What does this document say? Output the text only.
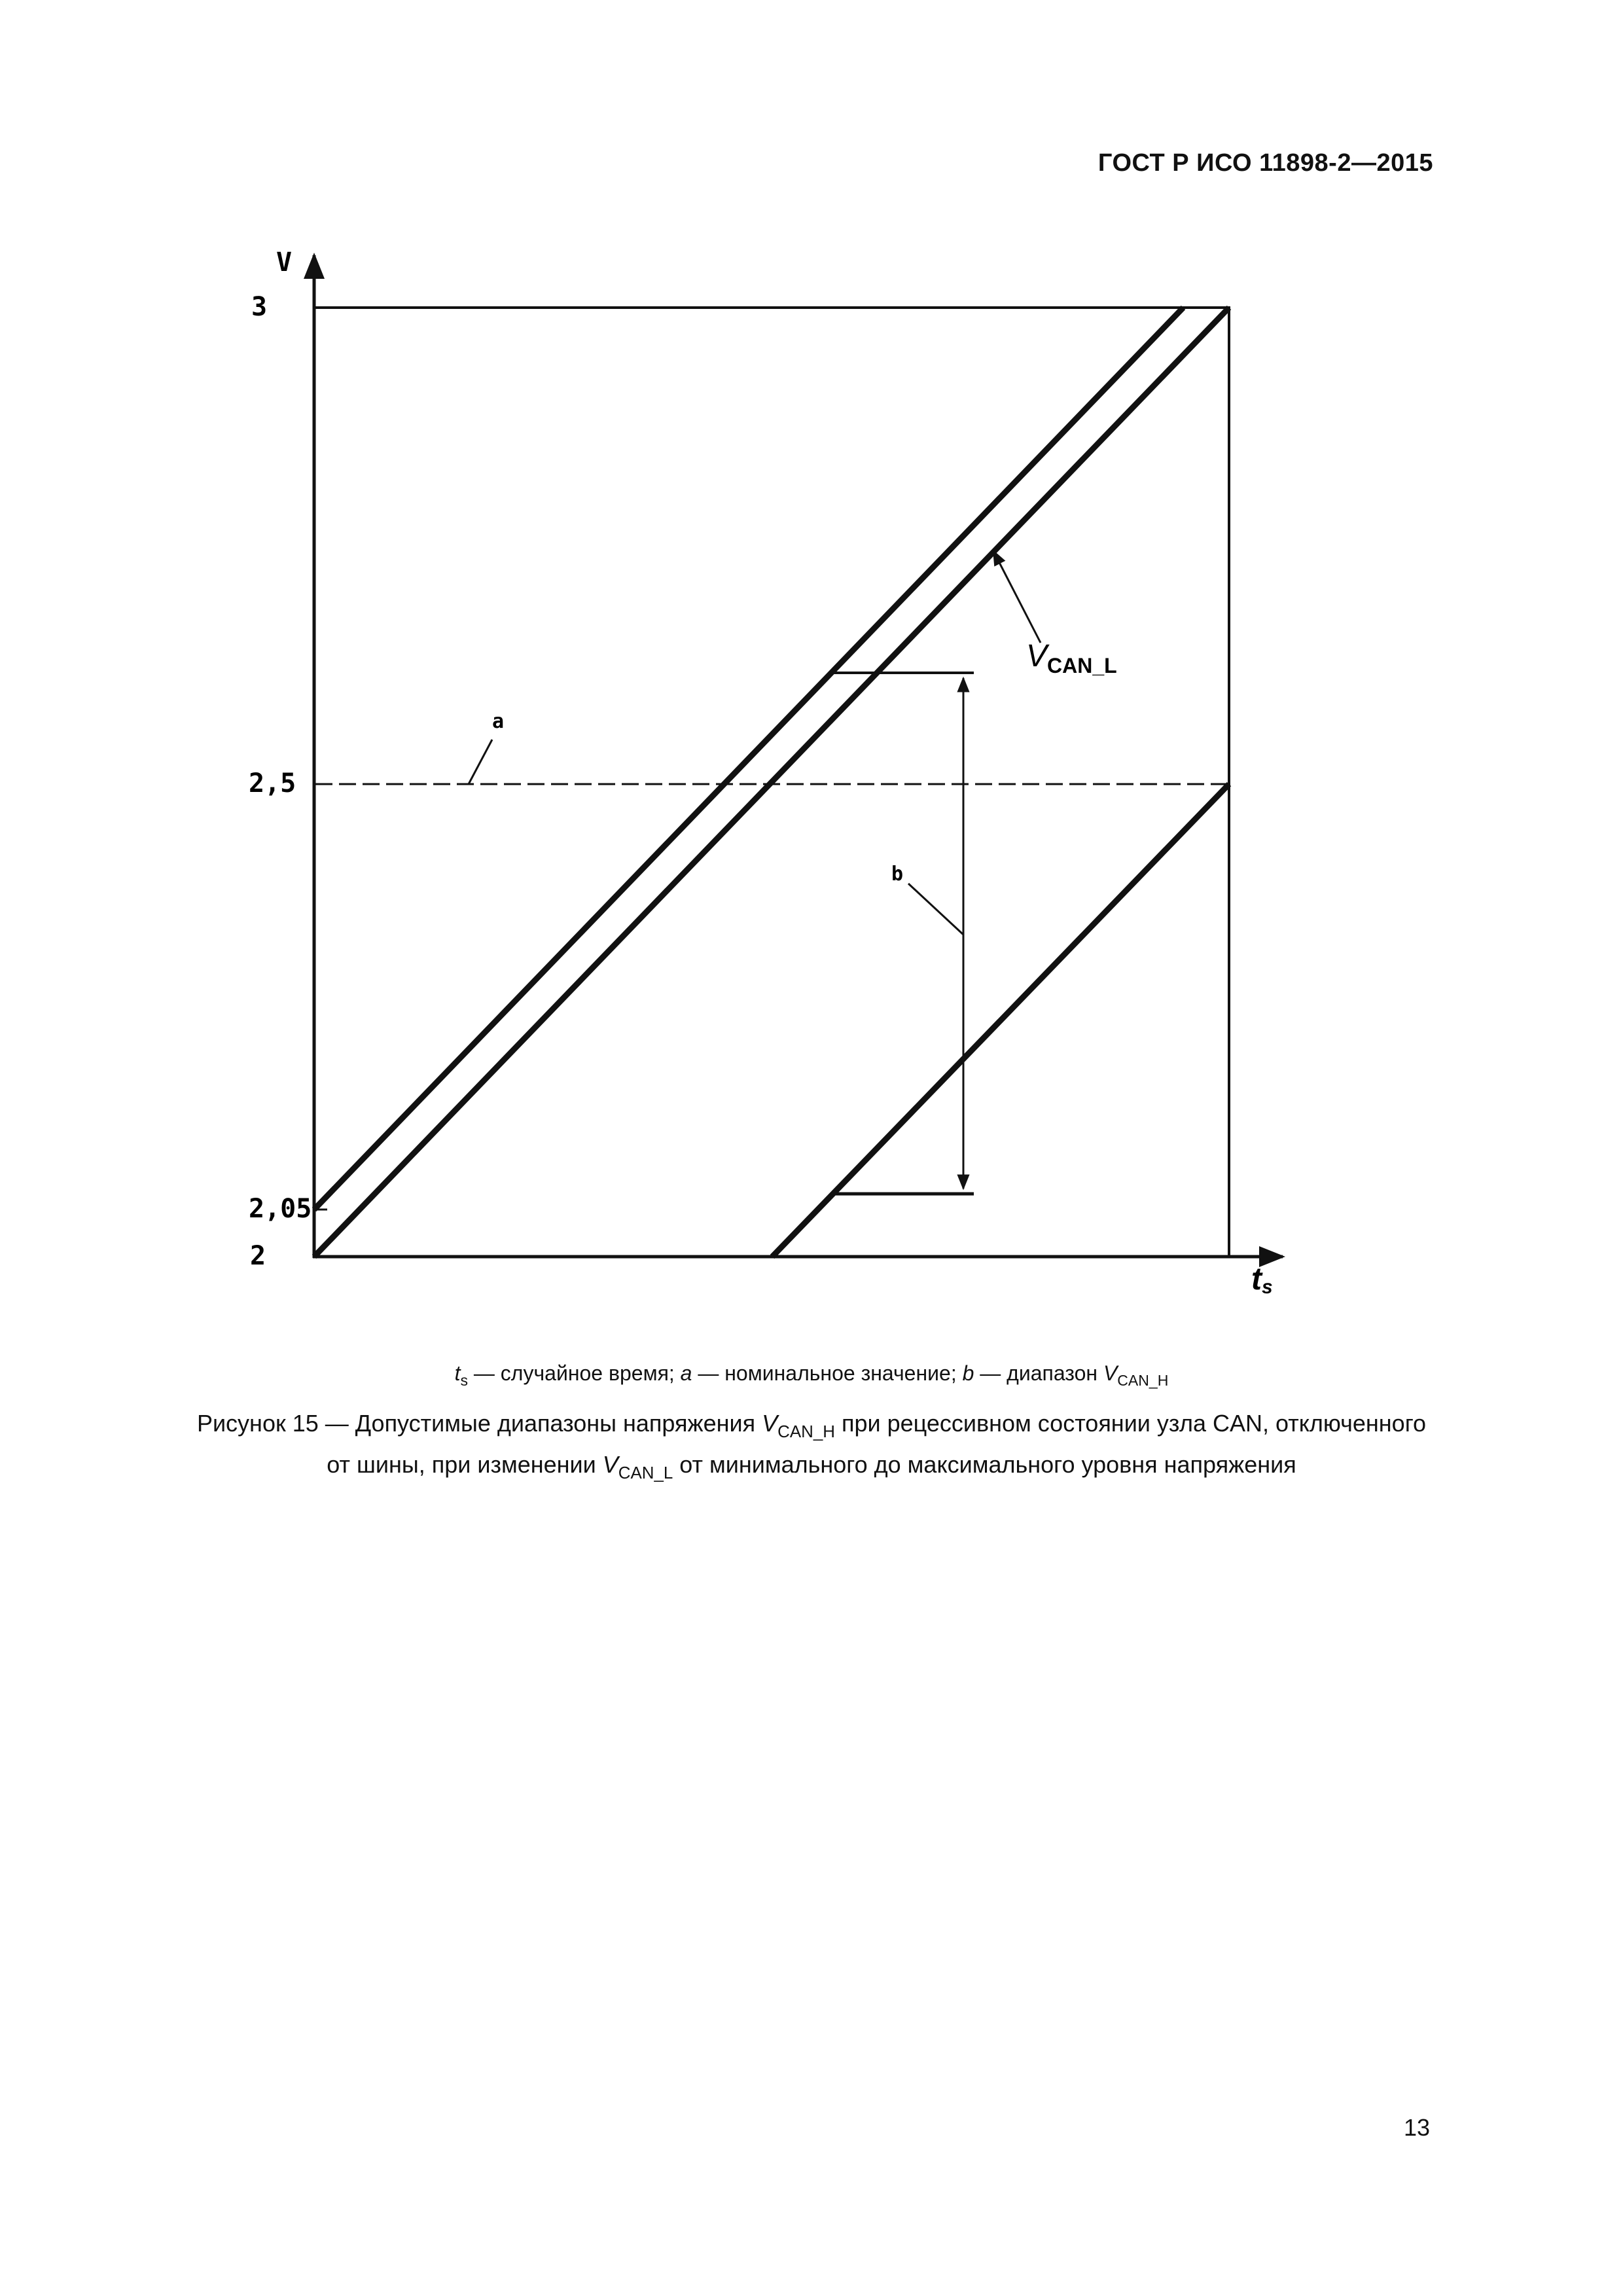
ГОСТ Р ИСО 11898-2—2015
b
a
$V_{CAN\_L}$
V
3
2,5
2,05
2
ts
$t_s$ — случайное время; a — номинальное значение; b — диапазон $V_{CAN\_H}$
Рисунок 15 — Допустимые диапазоны напряжения $V_{CAN\_H}$ при рецессивном состоянии узла CAN, отключенного
от шины, при изменении $V_{CAN\_L}$ от минимального до максимального уровня напряжения
13
